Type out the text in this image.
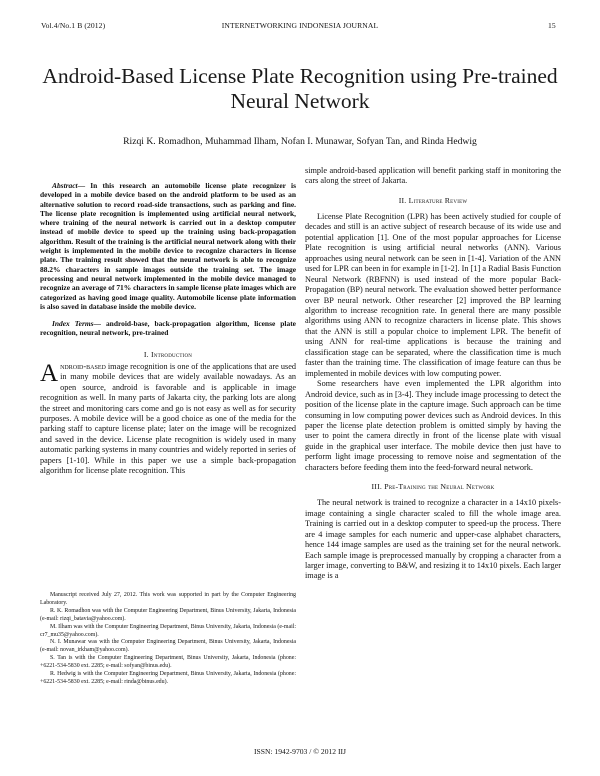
Vol.4/No.1 B (2012)	INTERNETWORKING INDONESIA JOURNAL	15
Android-Based License Plate Recognition using Pre-trained Neural Network
Rizqi K. Romadhon, Muhammad Ilham, Nofan I. Munawar, Sofyan Tan, and Rinda Hedwig

Abstract— In this research an automobile license plate recognizer is developed in a mobile device based on the android platform to be used as an alternative solution to record road-side transactions, such as parking and fine. The license plate recognition is implemented using artificial neural network, where training of the neural network is carried out in a desktop computer instead of mobile device to speed up the training using back-propagation algorithm. Result of the training is the artificial neural network along with their weight is implemented in the mobile device to recognize characters in license plate. The training result showed that the neural network is able to recognize 88.2% characters in sample images outside the training set. The image processing and neural network implemented in the mobile device managed to recognize an average of 71% characters in sample license plate images which are categorized as having good image quality. Automobile license plate information is also saved in database inside the mobile device.

Index Terms— android-base, back-propagation algorithm, license plate recognition, neural network, pre-trained

I. Introduction

Android-based image recognition is one of the applications that are used in many mobile devices that are widely available nowadays. As an open source, android is favorable and is applicable in image recognition as well. In many parts of Jakarta city, the parking lots are along the street and monitoring cars come and go is not easy as well as for security purposes. A mobile device will be a good choice as one of the media for the parking staff to capture license plate; later on the image will be recognized and saved in the device. License plate recognition is widely used in many automatic parking systems in many countries and widely reported in series of papers [1-10]. While in this paper we use a simple back-propagation algorithm for license plate recognition. This

Manuscript received July 27, 2012. This work was supported in part by the Computer Engineering Laboratory.

R. K. Romadhon was with the Computer Engineering Department, Binus University, Jakarta, Indonesia (e-mail: rizqi_batavia@yahoo.com).

M. Ilham was with the Computer Engineering Department, Binus University, Jakarta, Indonesia (e-mail: cr7_mu35@yahoo.com).

N. I. Munawar was with the Computer Engineering Department, Binus University, Jakarta, Indonesia (e-mail: novan_irkham@yahoo.com).

S. Tan is with the Computer Engineering Department, Binus University, Jakarta, Indonesia (phone: +6221-534-5830 ext. 2285; e-mail: sofyan@binus.edu).

R. Hedwig is with the Computer Engineering Department, Binus University, Jakarta, Indonesia (phone: +6221-534-5830 ext. 2285; e-mail: rinda@binus.edu).

simple android-based application will benefit parking staff in monitoring the cars along the street of Jakarta.

II. Literature Review

License Plate Recognition (LPR) has been actively studied for couple of decades and still is an active subject of research because of its wide use and potential application [1]. One of the most popular approaches for License Plate recognition is using artificial neural networks (ANN). Various approaches using neural network can be seen in [1-4]. Variation of the ANN used for LPR can been in for example in [1-2]. In [1] a Radial Basis Function Neural Network (RBFNN) is used instead of the more popular Back-Propagation (BP) neural network. The evaluation showed better performance over BP neural network. Other researcher [2] improved the BP learning algorithm to increase recognition rate. In general there are many possible algorithms using ANN to recognize characters in license plate. This shows that the ANN is still a popular choice to implement LPR. The benefit of using ANN for real-time applications is because the training and classification stage can be separated, where the classification time is much faster than the training time. The classification of image feature can thus be implemented in mobile devices with low computing power.

Some researchers have even implemented the LPR algorithm into Android device, such as in [3-4]. They include image processing to detect the position of the license plate in the capture image. Such approach can be time consuming in low computing power devices such as Android devices. In this paper the license plate detection problem is omitted simply by having the user to point the camera directly in front of the license plate with visual guide in the graphical user interface. The mobile device then just have to perform light image processing to remove noise and segmentation of the characters before feeding them into the feed-forward neural network.

III. Pre-Training the Neural Network

The neural network is trained to recognize a character in a 14x10 pixels-image containing a single character scaled to fill the whole image area. Training is carried out in a desktop computer to speed-up the process. There are 4 image samples for each numeric and upper-case alphabet characters, hence 144 image samples are used as the training set for the neural network. Each sample image is preprocessed manually by cropping a character from a larger image, converting to B&W, and resizing it to 14x10 pixels. Each larger image is a

ISSN: 1942-9703 / © 2012 IIJ
